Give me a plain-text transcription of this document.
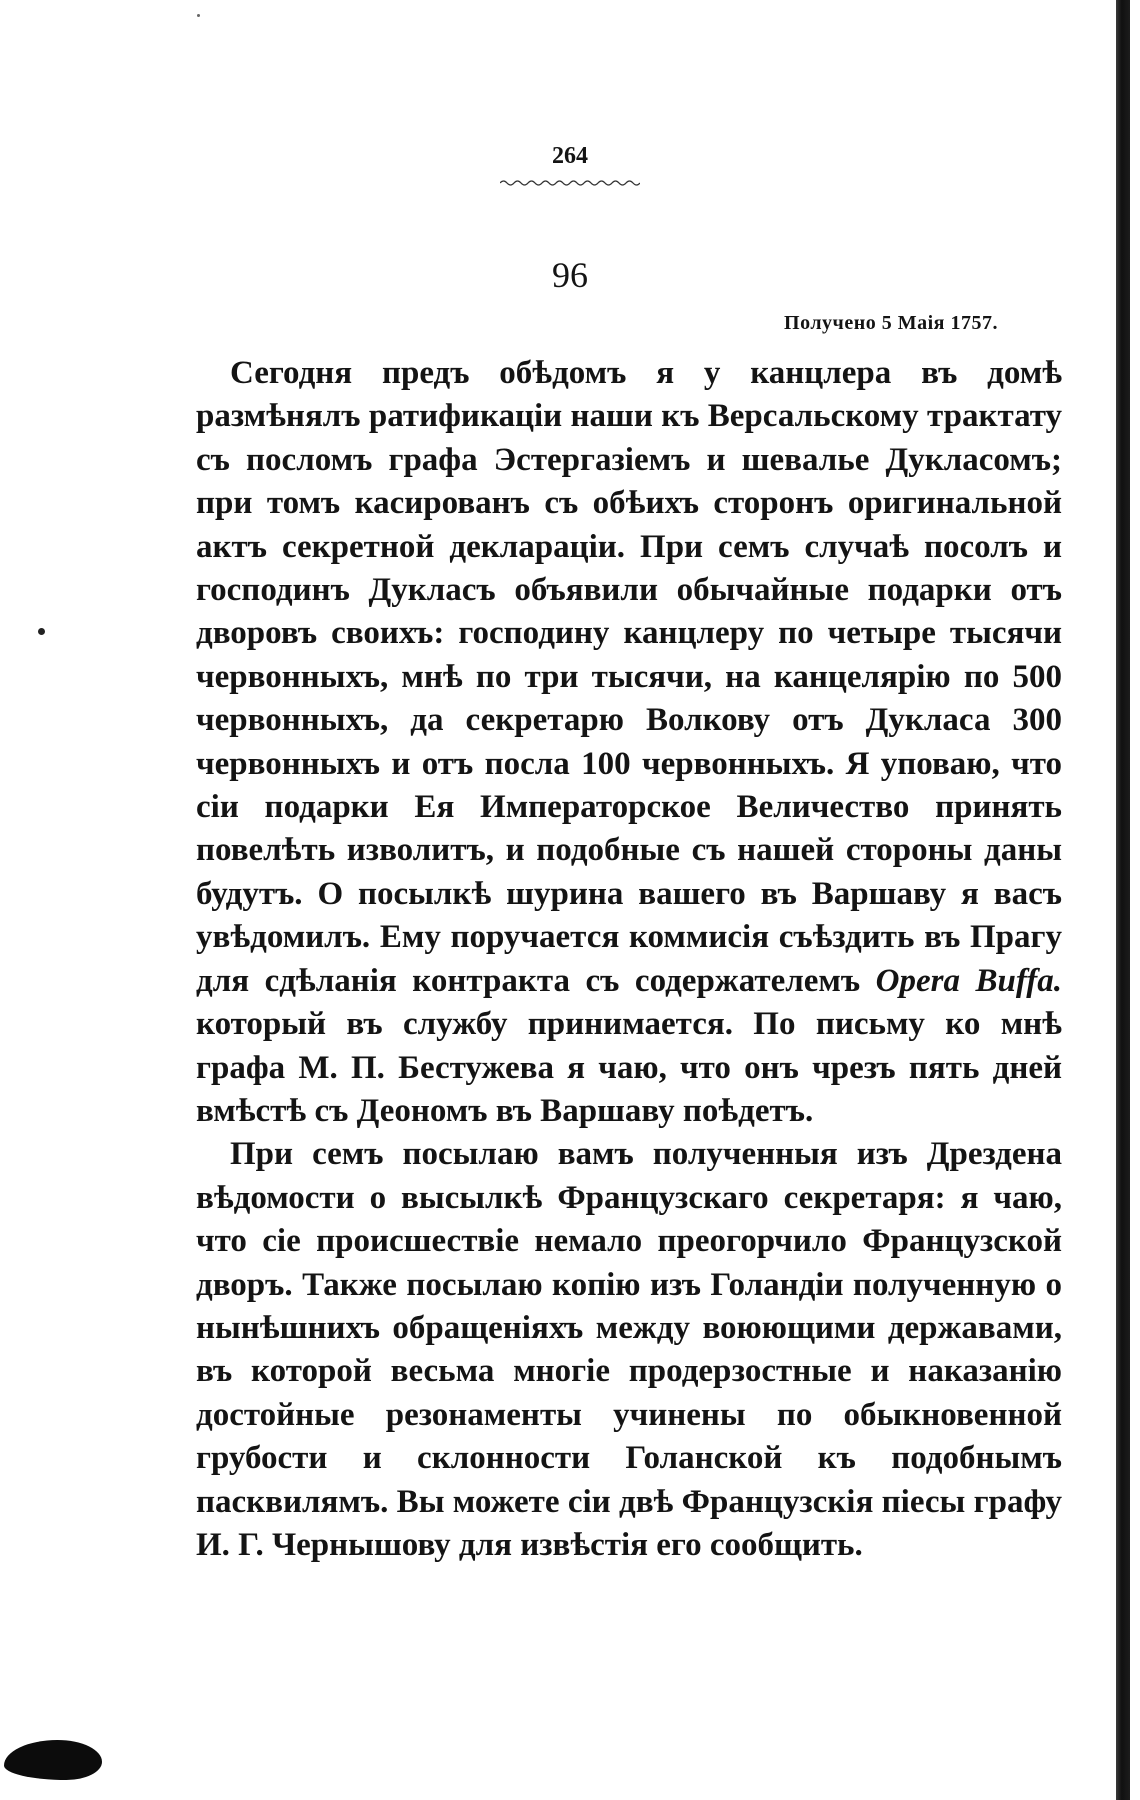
264
96
Получено 5 Маія 1757.

Сегодня предъ обѣдомъ я у канцлера въ домѣ размѣнялъ ратификаціи наши къ Версальскому трактату съ посломъ графа Эстергазіемъ и шевалье Дукласомъ; при томъ касированъ съ обѣихъ сторонъ оригинальной актъ секретной декларацiи. При семъ случаѣ посолъ и господинъ Дукласъ объявили обычайные подарки отъ дворовъ своихъ: господину канцлеру по четыре тысячи червонныхъ, мнѣ по три тысячи, на канцелярію по 500 червонныхъ, да секретарю Волкову отъ Дукласа 300 червонныхъ и отъ посла 100 червонныхъ. Я уповаю, что сіи подарки Ея Императорское Величество принять повелѣть изволитъ, и подобные съ нашей стороны даны будутъ. О посылкѣ шурина вашего въ Варшаву я васъ увѣдомилъ. Ему поручается коммисія съѣздить въ Прагу для сдѣланія контракта съ содержателемъ Opera Buffa. который въ службу принимается. По письму ко мнѣ графа М. П. Бестужева я чаю, что онъ чрезъ пять дней вмѣстѣ съ Деономъ въ Варшаву поѣдетъ.

При семъ посылаю вамъ полученныя изъ Дрездена вѣдомости о высылкѣ Французскаго секретаря: я чаю, что сіе происшествіе немало преогорчило Французской дворъ. Также посылаю копію изъ Голандіи полученную о нынѣшнихъ обращеніяхъ между воюющими державами, въ которой весьма многіе продерзостные и наказанію достойные резонаменты учинены по обыкновенной грубости и склонности Голанской къ подобнымъ пасквилямъ. Вы можете сіи двѣ Французскія піесы графу И. Г. Чернышову для извѣстія его сообщить.
